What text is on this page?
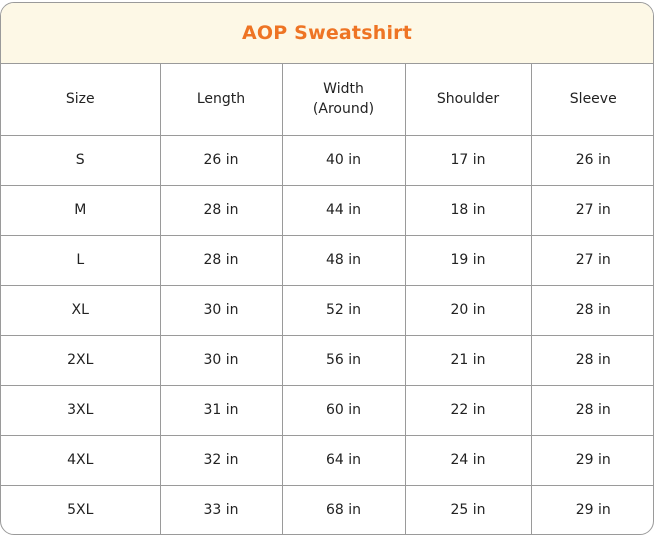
AOP Sweatshirt
Size	Length	Width (Around)	Shoulder	Sleeve
S	26 in	40 in	17 in	26 in
M	28 in	44 in	18 in	27 in
L	28 in	48 in	19 in	27 in
XL	30 in	52 in	20 in	28 in
2XL	30 in	56 in	21 in	28 in
3XL	31 in	60 in	22 in	28 in
4XL	32 in	64 in	24 in	29 in
5XL	33 in	68 in	25 in	29 in
